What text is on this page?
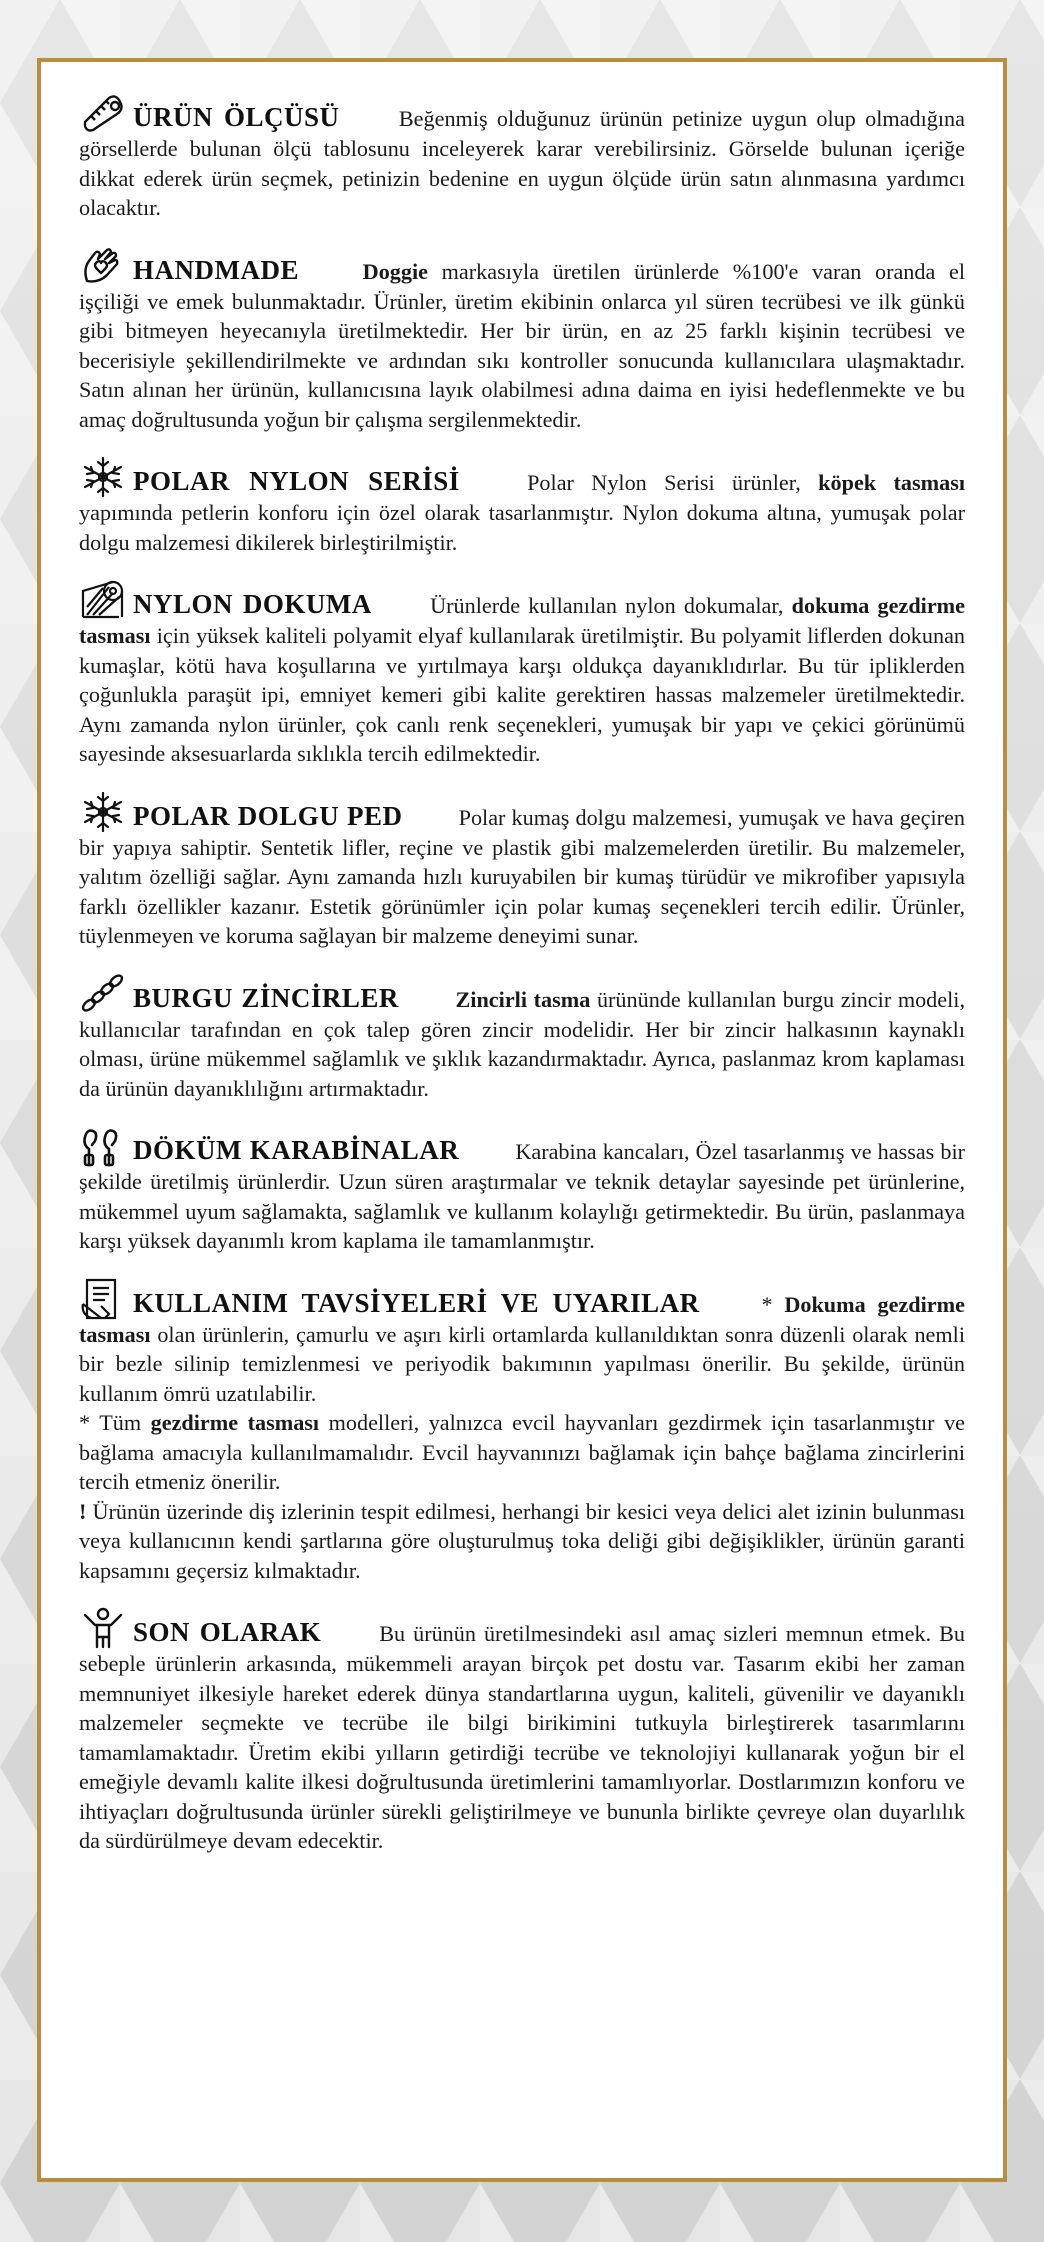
ÜRÜN ÖLÇÜSÜ	Beğenmiş olduğunuz ürünün petinize uygun olup olmadığına görsellerde bulunan ölçü tablosunu inceleyerek karar verebilirsiniz. Görselde bulunan içeriğe dikkat ederek ürün seçmek, petinizin bedenine en uygun ölçüde ürün satın alınmasına yardımcı olacaktır.

HANDMADE	Doggie markasıyla üretilen ürünlerde %100'e varan oranda el işçiliği ve emek bulunmaktadır. Ürünler, üretim ekibinin onlarca yıl süren tecrübesi ve ilk günkü gibi bitmeyen heyecanıyla üretilmektedir. Her bir ürün, en az 25 farklı kişinin tecrübesi ve becerisiyle şekillendirilmekte ve ardından sıkı kontroller sonucunda kullanıcılara ulaşmaktadır. Satın alınan her ürünün, kullanıcısına layık olabilmesi adına daima en iyisi hedeflenmekte ve bu amaç doğrultusunda yoğun bir çalışma sergilenmektedir.

POLAR NYLON SERİSİ	Polar Nylon Serisi ürünler, köpek tasması yapımında petlerin konforu için özel olarak tasarlanmıştır. Nylon dokuma altına, yumuşak polar dolgu malzemesi dikilerek birleştirilmiştir.

NYLON DOKUMA	Ürünlerde kullanılan nylon dokumalar, dokuma gezdirme tasması için yüksek kaliteli polyamit elyaf kullanılarak üretilmiştir. Bu polyamit liflerden dokunan kumaşlar, kötü hava koşullarına ve yırtılmaya karşı oldukça dayanıklıdırlar. Bu tür ipliklerden çoğunlukla paraşüt ipi, emniyet kemeri gibi kalite gerektiren hassas malzemeler üretilmektedir. Aynı zamanda nylon ürünler, çok canlı renk seçenekleri, yumuşak bir yapı ve çekici görünümü sayesinde aksesuarlarda sıklıkla tercih edilmektedir.

POLAR DOLGU PED	Polar kumaş dolgu malzemesi, yumuşak ve hava geçiren bir yapıya sahiptir. Sentetik lifler, reçine ve plastik gibi malzemelerden üretilir. Bu malzemeler, yalıtım özelliği sağlar. Aynı zamanda hızlı kuruyabilen bir kumaş türüdür ve mikrofiber yapısıyla farklı özellikler kazanır. Estetik görünümler için polar kumaş seçenekleri tercih edilir. Ürünler, tüylenmeyen ve koruma sağlayan bir malzeme deneyimi sunar.

BURGU ZİNCİRLER	Zincirli tasma ürününde kullanılan burgu zincir modeli, kullanıcılar tarafından en çok talep gören zincir modelidir. Her bir zincir halkasının kaynaklı olması, ürüne mükemmel sağlamlık ve şıklık kazandırmaktadır. Ayrıca, paslanmaz krom kaplaması da ürünün dayanıklılığını artırmaktadır.

DÖKÜM KARABİNALAR	Karabina kancaları, Özel tasarlanmış ve hassas bir şekilde üretilmiş ürünlerdir. Uzun süren araştırmalar ve teknik detaylar sayesinde pet ürünlerine, mükemmel uyum sağlamakta, sağlamlık ve kullanım kolaylığı getirmektedir. Bu ürün, paslanmaya karşı yüksek dayanımlı krom kaplama ile tamamlanmıştır.

KULLANIM TAVSİYELERİ VE UYARILAR	* Dokuma gezdirme tasması olan ürünlerin, çamurlu ve aşırı kirli ortamlarda kullanıldıktan sonra düzenli olarak nemli bir bezle silinip temizlenmesi ve periyodik bakımının yapılması önerilir. Bu şekilde, ürünün kullanım ömrü uzatılabilir.

* Tüm gezdirme tasması modelleri, yalnızca evcil hayvanları gezdirmek için tasarlanmıştır ve bağlama amacıyla kullanılmamalıdır. Evcil hayvanınızı bağlamak için bahçe bağlama zincirlerini tercih etmeniz önerilir.

! Ürünün üzerinde diş izlerinin tespit edilmesi, herhangi bir kesici veya delici alet izinin bulunması veya kullanıcının kendi şartlarına göre oluşturulmuş toka deliği gibi değişiklikler, ürünün garanti kapsamını geçersiz kılmaktadır.

SON OLARAK	Bu ürünün üretilmesindeki asıl amaç sizleri memnun etmek. Bu sebeple ürünlerin arkasında, mükemmeli arayan birçok pet dostu var. Tasarım ekibi her zaman memnuniyet ilkesiyle hareket ederek dünya standartlarına uygun, kaliteli, güvenilir ve dayanıklı malzemeler seçmekte ve tecrübe ile bilgi birikimini tutkuyla birleştirerek tasarımlarını tamamlamaktadır. Üretim ekibi yılların getirdiği tecrübe ve teknolojiyi kullanarak yoğun bir el emeğiyle devamlı kalite ilkesi doğrultusunda üretimlerini tamamlıyorlar. Dostlarımızın konforu ve ihtiyaçları doğrultusunda ürünler sürekli geliştirilmeye ve bununla birlikte çevreye olan duyarlılık da sürdürülmeye devam edecektir.
